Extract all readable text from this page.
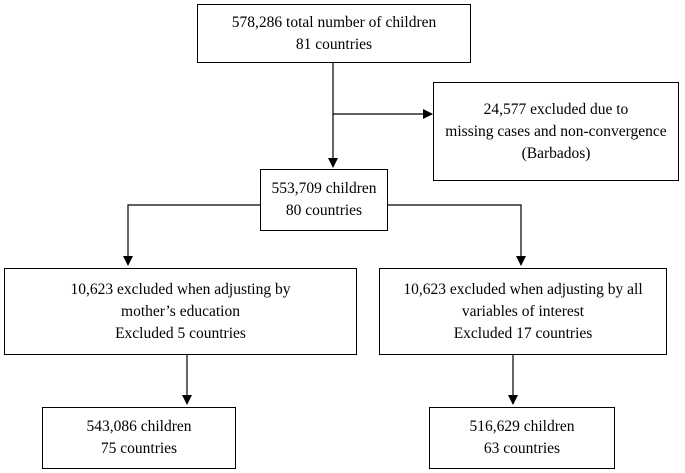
578,286 total number of children
81 countries
24,577 excluded due to
missing cases and non-convergence
(Barbados)
553,709 children
80 countries
10,623 excluded when adjusting by
mother’s education
Excluded 5 countries
10,623 excluded when adjusting by all
variables of interest
Excluded 17 countries
543,086 children
75 countries
516,629 children
63 countries
